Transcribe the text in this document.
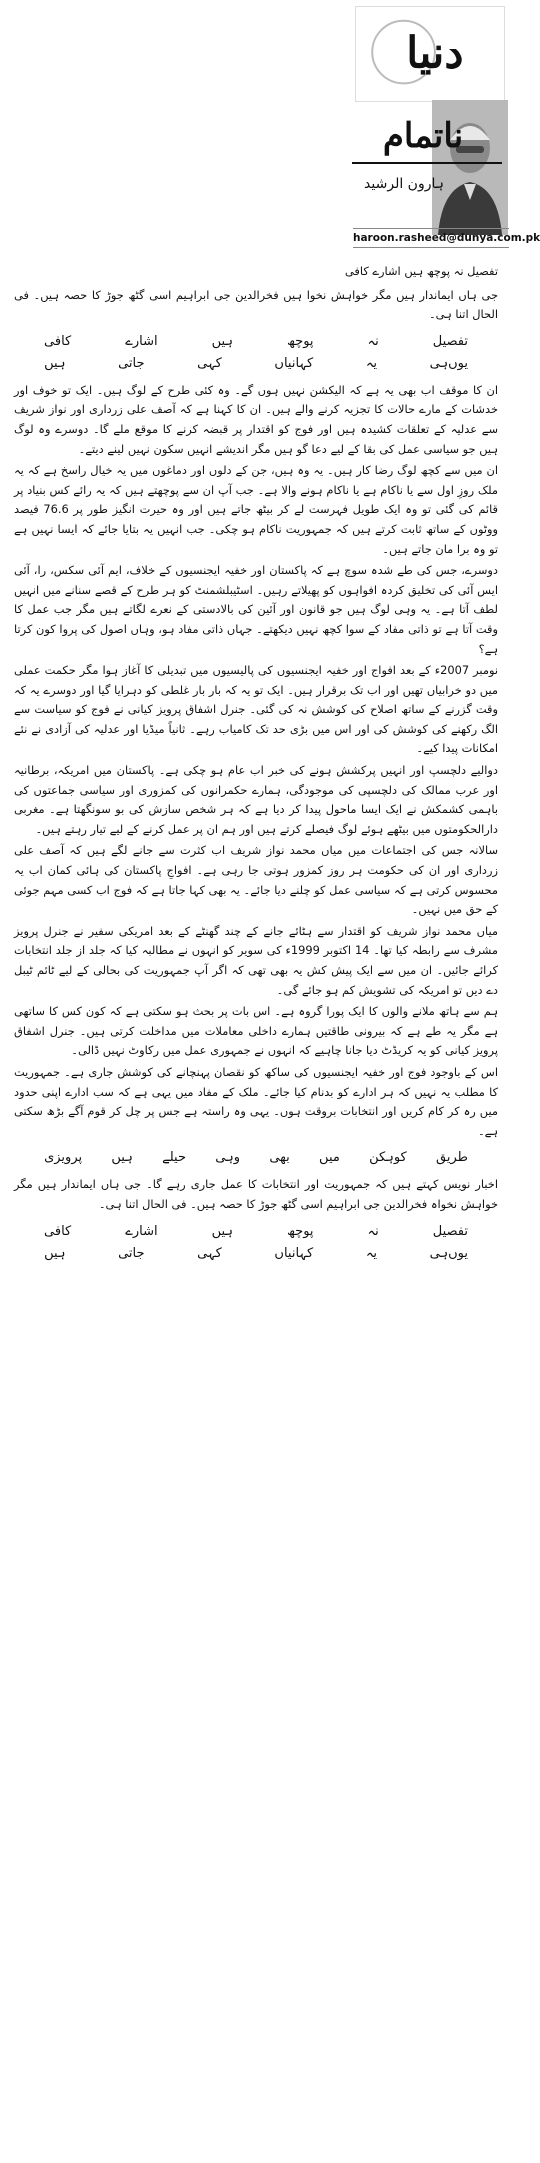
دنیا
ناتمام
ہارون الرشید
haroon.rasheed@dunya.com.pk

تفصیل نہ پوچھ ہیں اشارے کافی

جی ہاں ایماندار ہیں مگر خواہش نخوا ہیں فخرالدین جی ابراہیم اسی گٹھ جوڑ کا حصہ ہیں۔ فی الحال اتنا ہی۔

تفصیل
نہ
پوچھ
ہیں
اشارے
کافی
یوں‌ہی
یہ
کہانیاں
کہی
جاتی
ہیں

ان کا موقف اب بھی یہ ہے کہ الیکشن نہیں ہوں گے۔ وہ کئی طرح کے لوگ ہیں۔ ایک تو خوف اور خدشات کے مارے حالات کا تجزیہ کرنے والے ہیں۔ ان کا کہنا ہے کہ آصف علی زرداری اور نواز شریف سے عدلیہ کے تعلقات کشیدہ ہیں اور فوج کو اقتدار پر قبضہ کرنے کا موقع ملے گا۔ دوسرے وہ لوگ ہیں جو سیاسی عمل کی بقا کے لیے دعا گو ہیں مگر اندیشے انہیں سکون نہیں لینے دیتے۔

ان میں سے کچھ لوگ رضا کار ہیں۔ یہ وہ ہیں، جن کے دلوں اور دماغوں میں یہ خیال راسخ ہے کہ یہ ملک روزِ اول سے یا ناکام ہے یا ناکام ہونے والا ہے۔ جب آپ ان سے پوچھتے ہیں کہ یہ رائے کس بنیاد پر قائم کی گئی تو وہ ایک طویل فہرست لے کر بیٹھ جاتے ہیں اور وہ حیرت انگیز طور پر 76.6 فیصد ووٹوں کے ساتھ ثابت کرتے ہیں کہ جمہوریت ناکام ہو چکی۔ جب انہیں یہ بتایا جائے کہ ایسا نہیں ہے تو وہ برا مان جاتے ہیں۔

دوسرے، جس کی طے شدہ سوچ ہے کہ پاکستان اور خفیہ ایجنسیوں کے خلاف، ایم آئی سکس، را، آئی ایس آئی کی تخلیق کردہ افواہوں کو پھیلاتے رہیں۔ اسٹیبلشمنٹ کو ہر طرح کے قصے سنانے میں انہیں لطف آتا ہے۔ یہ وہی لوگ ہیں جو قانون اور آئین کی بالادستی کے نعرے لگاتے ہیں مگر جب عمل کا وقت آتا ہے تو ذاتی مفاد کے سوا کچھ نہیں دیکھتے۔ جہاں ذاتی مفاد ہو، وہاں اصول کی پروا کون کرتا ہے؟

نومبر 2007ء کے بعد افواج اور خفیہ ایجنسیوں کی پالیسیوں میں تبدیلی کا آغاز ہوا مگر حکمت عملی میں دو خرابیاں تھیں اور اب تک برقرار ہیں۔ ایک تو یہ کہ بار بار غلطی کو دہرایا گیا اور دوسرے یہ کہ وقت گزرنے کے ساتھ اصلاح کی کوشش نہ کی گئی۔ جنرل اشفاق پرویز کیانی نے فوج کو سیاست سے الگ رکھنے کی کوشش کی اور اس میں بڑی حد تک کامیاب رہے۔ ثانیاً میڈیا اور عدلیہ کی آزادی نے نئے امکانات پیدا کیے۔

دوالیے دلچسپ اور انہیں پرکشش ہونے کی خبر اب عام ہو چکی ہے۔ پاکستان میں امریکہ، برطانیہ اور عرب ممالک کی دلچسپی کی موجودگی، ہمارے حکمرانوں کی کمزوری اور سیاسی جماعتوں کی باہمی کشمکش نے ایک ایسا ماحول پیدا کر دیا ہے کہ ہر شخص سازش کی بو سونگھتا ہے۔ مغربی دارالحکومتوں میں بیٹھے ہوئے لوگ فیصلے کرتے ہیں اور ہم ان پر عمل کرنے کے لیے تیار رہتے ہیں۔

سالانہ جس کی اجتماعات میں میاں محمد نواز شریف اب کثرت سے جانے لگے ہیں کہ آصف علی زرداری اور ان کی حکومت ہر روز کمزور ہوتی جا رہی ہے۔ افواجِ پاکستان کی ہائی کمان اب یہ محسوس کرتی ہے کہ سیاسی عمل کو چلنے دیا جائے۔ یہ بھی کہا جاتا ہے کہ فوج اب کسی مہم جوئی کے حق میں نہیں۔

میاں محمد نواز شریف کو اقتدار سے ہٹائے جانے کے چند گھنٹے کے بعد امریکی سفیر نے جنرل پرویز مشرف سے رابطہ کیا تھا۔ 14 اکتوبر 1999ء کی سویر کو انہوں نے مطالبہ کیا کہ جلد از جلد انتخابات کرائے جائیں۔ ان میں سے ایک پیش کش یہ بھی تھی کہ اگر آپ جمہوریت کی بحالی کے لیے ٹائم ٹیبل دے دیں تو امریکہ کی تشویش کم ہو جائے گی۔

ہم سے ہاتھ ملانے والوں کا ایک پورا گروہ ہے۔ اس بات پر بحث ہو سکتی ہے کہ کون کس کا ساتھی ہے مگر یہ طے ہے کہ بیرونی طاقتیں ہمارے داخلی معاملات میں مداخلت کرتی ہیں۔ جنرل اشفاق پرویز کیانی کو یہ کریڈٹ دیا جانا چاہیے کہ انہوں نے جمہوری عمل میں رکاوٹ نہیں ڈالی۔

اس کے باوجود فوج اور خفیہ ایجنسیوں کی ساکھ کو نقصان پہنچانے کی کوشش جاری ہے۔ جمہوریت کا مطلب یہ نہیں کہ ہر ادارے کو بدنام کیا جائے۔ ملک کے مفاد میں یہی ہے کہ سب ادارے اپنی حدود میں رہ کر کام کریں اور انتخابات بروقت ہوں۔ یہی وہ راستہ ہے جس پر چل کر قوم آگے بڑھ سکتی ہے۔

طریق
کوہکن
میں
بھی
وہی
حیلے
ہیں
پرویزی

اخبار نویس کہتے ہیں کہ جمہوریت اور انتخابات کا عمل جاری رہے گا۔ جی ہاں ایماندار ہیں مگر خواہش نخواہ فخرالدین جی ابراہیم اسی گٹھ جوڑ کا حصہ ہیں۔ فی الحال اتنا ہی۔

تفصیل
نہ
پوچھ
ہیں
اشارے
کافی
یوں‌ہی
یہ
کہانیاں
کہی
جاتی
ہیں
